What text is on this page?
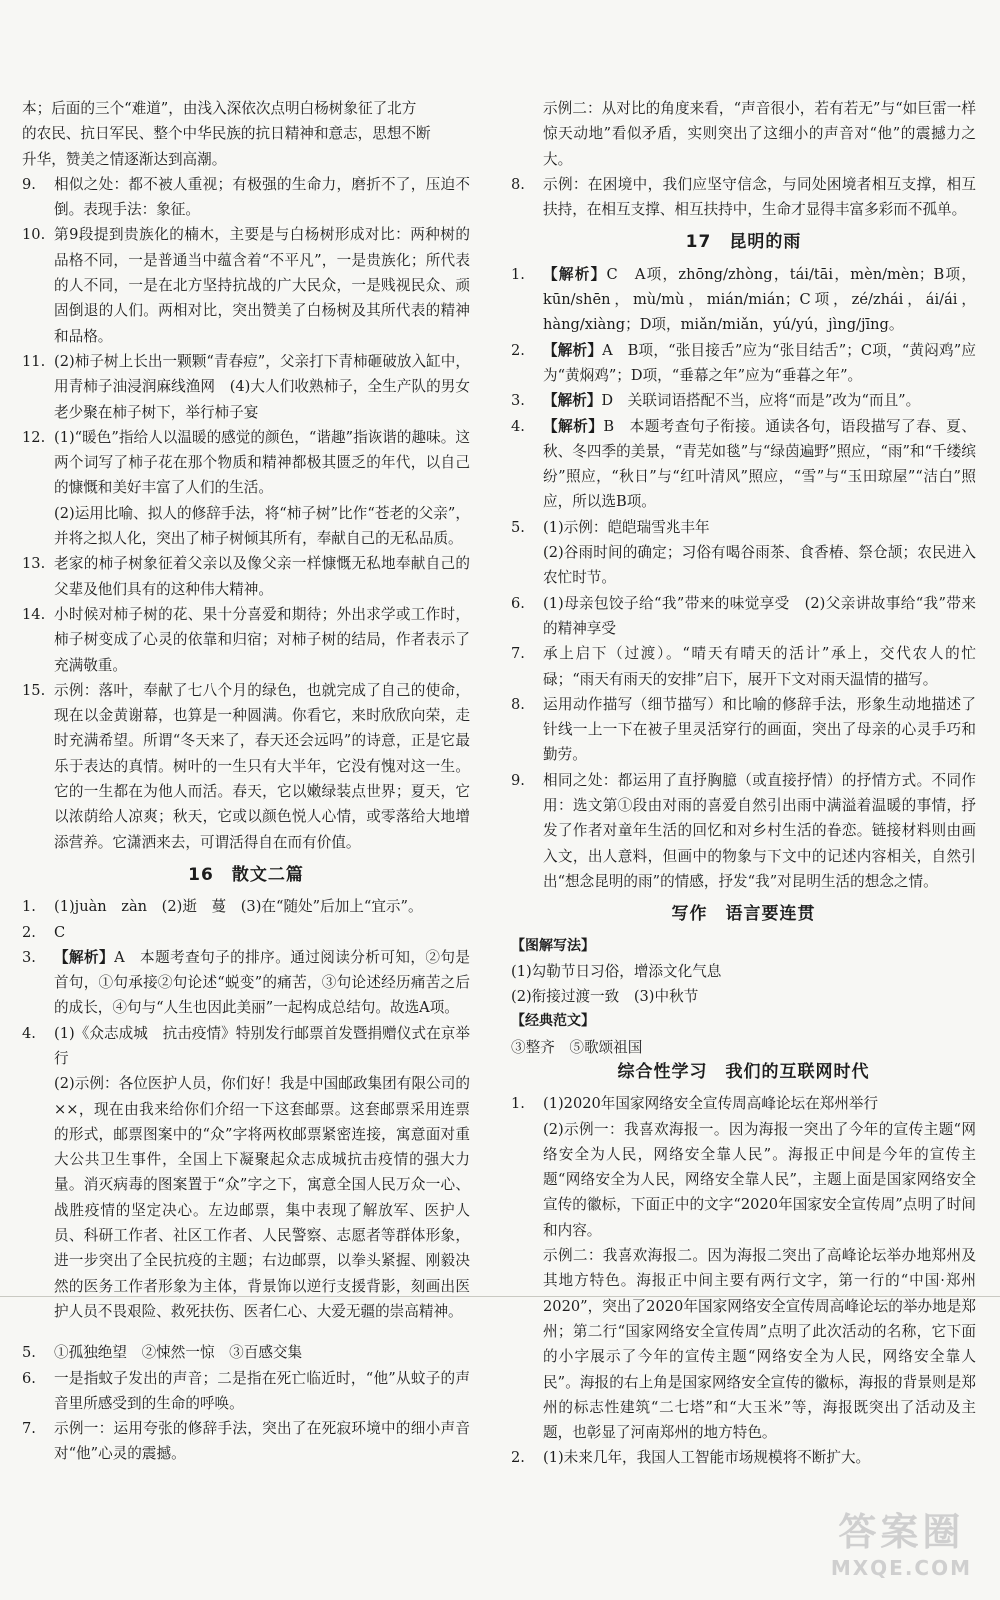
本；后面的三个“难道”，由浅入深依次点明白杨树象征了北方

的农民、抗日军民、整个中华民族的抗日精神和意志，思想不断

升华，赞美之情逐渐达到高潮。

9.	相似之处：都不被人重视；有极强的生命力，磨折不了，压迫不倒。表现手法：象征。
10. 第9段提到贵族化的楠木，主要是与白杨树形成对比：两种树的品格不同，一是普通当中蕴含着“不平凡”，一是贵族化；所代表的人不同，一是在北方坚持抗战的广大民众，一是贱视民众、顽固倒退的人们。两相对比，突出赞美了白杨树及其所代表的精神和品格。
11. (2)柿子树上长出一颗颗“青春痘”，父亲打下青柿砸破放入缸中，用青柿子油浸润麻线渔网　(4)大人们收熟柿子，全生产队的男女老少聚在柿子树下，举行柿子宴
12. (1)“暖色”指给人以温暖的感觉的颜色，“谐趣”指诙谐的趣味。这两个词写了柿子花在那个物质和精神都极其匮乏的年代，以自己的慷慨和美好丰富了人们的生活。

(2)运用比喻、拟人的修辞手法，将“柿子树”比作“苍老的父亲”，并将之拟人化，突出了柿子树倾其所有，奉献自己的无私品质。

13. 老家的柿子树象征着父亲以及像父亲一样慷慨无私地奉献自己的父辈及他们具有的这种伟大精神。
14. 小时候对柿子树的花、果十分喜爱和期待；外出求学或工作时，柿子树变成了心灵的依靠和归宿；对柿子树的结局，作者表示了充满敬重。
15. 示例：落叶，奉献了七八个月的绿色，也就完成了自己的使命，现在以金黄谢幕，也算是一种圆满。你看它，来时欣欣向荣，走时充满希望。所谓“冬天来了，春天还会远吗”的诗意，正是它最乐于表达的真情。树叶的一生只有大半年，它没有愧对这一生。它的一生都在为他人而活。春天，它以嫩绿装点世界；夏天，它以浓荫给人凉爽；秋天，它或以颜色悦人心情，或零落给大地增添营养。它潇洒来去，可谓活得自在而有价值。
16　散文二篇
1.	(1)juàn　zàn　(2)逝　蔓　(3)在“随处”后加上“宜示”。
2.	C
3.	【解析】A　本题考查句子的排序。通过阅读分析可知，②句是首句，①句承接②句论述“蜕变”的痛苦，③句论述经历痛苦之后的成长，④句与“人生也因此美丽”一起构成总结句。故选A项。
4.	(1)《众志成城　抗击疫情》特别发行邮票首发暨捐赠仪式在京举行

(2)示例：各位医护人员，你们好！我是中国邮政集团有限公司的××，现在由我来给你们介绍一下这套邮票。这套邮票采用连票的形式，邮票图案中的“众”字将两枚邮票紧密连接，寓意面对重大公共卫生事件，全国上下凝聚起众志成城抗击疫情的强大力量。消灭病毒的图案置于“众”字之下，寓意全国人民万众一心、战胜疫情的坚定决心。左边邮票，集中表现了解放军、医护人员、科研工作者、社区工作者、人民警察、志愿者等群体形象，进一步突出了全民抗疫的主题；右边邮票，以拳头紧握、刚毅决然的医务工作者形象为主体，背景饰以逆行支援背影，刻画出医护人员不畏艰险、救死扶伤、医者仁心、大爱无疆的崇高精神。

5.	①孤独绝望　②悚然一惊　③百感交集
6.	一是指蚊子发出的声音；二是指在死亡临近时，“他”从蚊子的声音里所感受到的生命的呼唤。
7.	示例一：运用夸张的修辞手法，突出了在死寂环境中的细小声音对“他”心灵的震撼。

示例二：从对比的角度来看，“声音很小，若有若无”与“如巨雷一样惊天动地”看似矛盾，实则突出了这细小的声音对“他”的震撼力之大。

8.	示例：在困境中，我们应坚守信念，与同处困境者相互支撑，相互扶持，在相互支撑、相互扶持中，生命才显得丰富多彩而不孤单。
17　昆明的雨
1.	【解析】C　A项，zhōng/zhòng，tái/tāi，mèn/mèn；B项，kūn/shēn，mù/mù，mián/mián；C项，zé/zhái，ái/ái，hàng/xiàng；D项，miǎn/miǎn，yú/yú，jìng/jīng。
2.	【解析】A　B项，“张目接舌”应为“张目结舌”；C项，“黄闷鸡”应为“黄焖鸡”；D项，“垂幕之年”应为“垂暮之年”。
3.	【解析】D　关联词语搭配不当，应将“而是”改为“而且”。
4.	【解析】B　本题考查句子衔接。通读各句，语段描写了春、夏、秋、冬四季的美景，“青芜如毯”与“绿茵遍野”照应，“雨”和“千缕缤纷”照应，“秋日”与“红叶清风”照应，“雪”与“玉田琼屋”“洁白”照应，所以选B项。
5.	(1)示例：皑皑瑞雪兆丰年

(2)谷雨时间的确定；习俗有喝谷雨茶、食香椿、祭仓颉；农民进入农忙时节。

6.	(1)母亲包饺子给“我”带来的味觉享受　(2)父亲讲故事给“我”带来的精神享受
7.	承上启下（过渡）。“晴天有晴天的活计”承上，交代农人的忙碌；“雨天有雨天的安排”启下，展开下文对雨天温情的描写。
8.	运用动作描写（细节描写）和比喻的修辞手法，形象生动地描述了针线一上一下在被子里灵活穿行的画面，突出了母亲的心灵手巧和勤劳。
9.	相同之处：都运用了直抒胸臆（或直接抒情）的抒情方式。不同作用：选文第①段由对雨的喜爱自然引出雨中满溢着温暖的事情，抒发了作者对童年生活的回忆和对乡村生活的眷恋。链接材料则由画入文，出人意料，但画中的物象与下文中的记述内容相关，自然引出“想念昆明的雨”的情感，抒发“我”对昆明生活的想念之情。
写作　语言要连贯
【图解写法】

(1)勾勒节日习俗，增添文化气息

(2)衔接过渡一致　(3)中秋节

【经典范文】

③整齐　⑤歌颂祖国

综合性学习　我们的互联网时代
1.	(1)2020年国家网络安全宣传周高峰论坛在郑州举行

(2)示例一：我喜欢海报一。因为海报一突出了今年的宣传主题“网络安全为人民，网络安全靠人民”。海报正中间是今年的宣传主题“网络安全为人民，网络安全靠人民”，主题上面是国家网络安全宣传的徽标，下面正中的文字“2020年国家安全宣传周”点明了时间和内容。

示例二：我喜欢海报二。因为海报二突出了高峰论坛举办地郑州及其地方特色。海报正中间主要有两行文字，第一行的“中国·郑州2020”，突出了2020年国家网络安全宣传周高峰论坛的举办地是郑州；第二行“国家网络安全宣传周”点明了此次活动的名称，它下面的小字展示了今年的宣传主题“网络安全为人民，网络安全靠人民”。海报的右上角是国家网络安全宣传的徽标，海报的背景则是郑州的标志性建筑“二七塔”和“大玉米”等，海报既突出了活动及主题，也彰显了河南郑州的地方特色。

2.	(1)未来几年，我国人工智能市场规模将不断扩大。
答案圈
MXQE.COM
